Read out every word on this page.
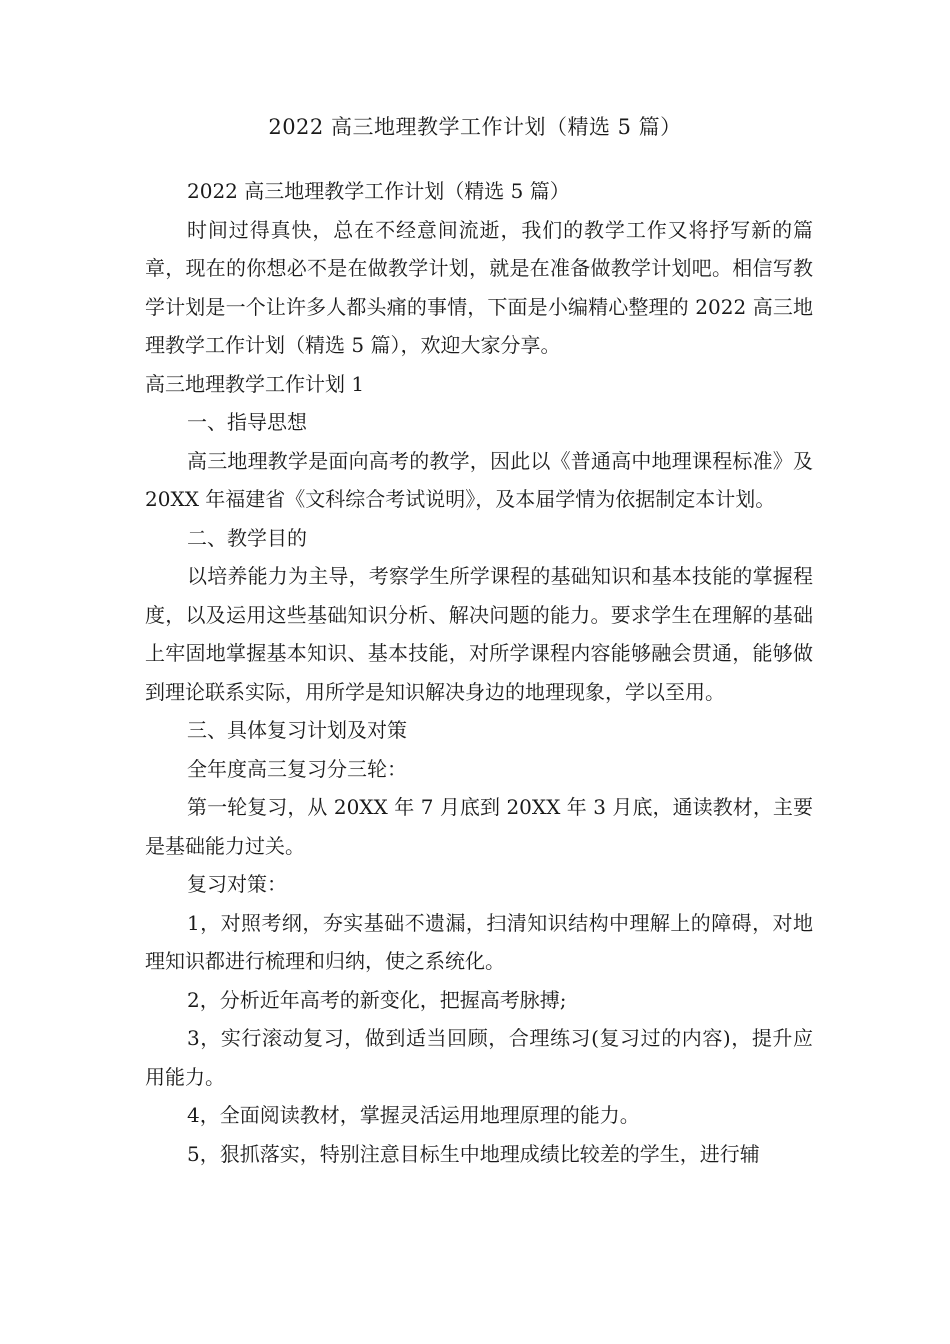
2022 高三地理教学工作计划（精选 5 篇）

2022 高三地理教学工作计划（精选 5 篇）

时间过得真快，总在不经意间流逝，我们的教学工作又将抒写新的篇章，现在的你想必不是在做教学计划，就是在准备做教学计划吧。相信写教学计划是一个让许多人都头痛的事情，下面是小编精心整理的 2022 高三地理教学工作计划（精选 5 篇），欢迎大家分享。

高三地理教学工作计划 1

一、指导思想

高三地理教学是面向高考的教学，因此以《普通高中地理课程标准》及 20XX 年福建省《文科综合考试说明》，及本届学情为依据制定本计划。

二、教学目的

以培养能力为主导，考察学生所学课程的基础知识和基本技能的掌握程度，以及运用这些基础知识分析、解决问题的能力。要求学生在理解的基础上牢固地掌握基本知识、基本技能，对所学课程内容能够融会贯通，能够做到理论联系实际，用所学是知识解决身边的地理现象，学以至用。

三、具体复习计划及对策

全年度高三复习分三轮：

第一轮复习，从 20XX 年 7 月底到 20XX 年 3 月底，通读教材，主要是基础能力过关。

复习对策：

1，对照考纲，夯实基础不遗漏，扫清知识结构中理解上的障碍，对地理知识都进行梳理和归纳，使之系统化。

2，分析近年高考的新变化，把握高考脉搏;

3，实行滚动复习，做到适当回顾，合理练习(复习过的内容)，提升应用能力。

4，全面阅读教材，掌握灵活运用地理原理的能力。

5，狠抓落实，特别注意目标生中地理成绩比较差的学生，进行辅
